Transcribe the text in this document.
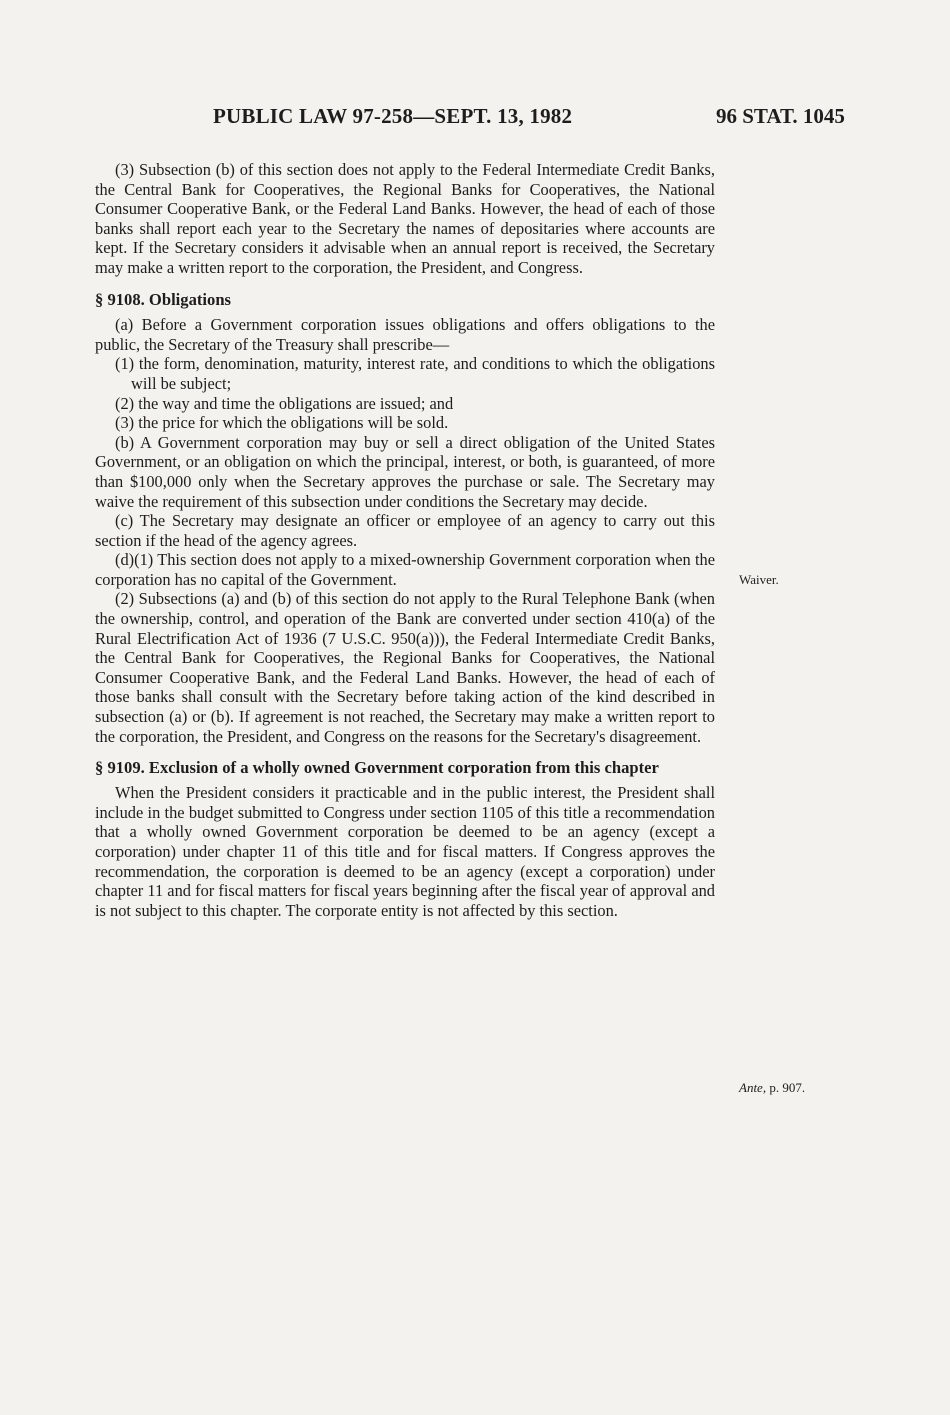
PUBLIC LAW 97-258—SEPT. 13, 1982	96 STAT. 1045

(3) Subsection (b) of this section does not apply to the Federal Intermediate Credit Banks, the Central Bank for Cooperatives, the Regional Banks for Cooperatives, the National Consumer Cooperative Bank, or the Federal Land Banks. However, the head of each of those banks shall report each year to the Secretary the names of depositaries where accounts are kept. If the Secretary considers it advisable when an annual report is received, the Secretary may make a written report to the corporation, the President, and Congress.

§ 9108. Obligations

(a) Before a Government corporation issues obligations and offers obligations to the public, the Secretary of the Treasury shall prescribe—

(1) the form, denomination, maturity, interest rate, and conditions to which the obligations will be subject;

(2) the way and time the obligations are issued; and

(3) the price for which the obligations will be sold.

(b) A Government corporation may buy or sell a direct obligation of the United States Government, or an obligation on which the principal, interest, or both, is guaranteed, of more than $100,000 only when the Secretary approves the purchase or sale. The Secretary may waive the requirement of this subsection under conditions the Secretary may decide.

(c) The Secretary may designate an officer or employee of an agency to carry out this section if the head of the agency agrees.

(d)(1) This section does not apply to a mixed-ownership Government corporation when the corporation has no capital of the Government.

(2) Subsections (a) and (b) of this section do not apply to the Rural Telephone Bank (when the ownership, control, and operation of the Bank are converted under section 410(a) of the Rural Electrification Act of 1936 (7 U.S.C. 950(a))), the Federal Intermediate Credit Banks, the Central Bank for Cooperatives, the Regional Banks for Cooperatives, the National Consumer Cooperative Bank, and the Federal Land Banks. However, the head of each of those banks shall consult with the Secretary before taking action of the kind described in subsection (a) or (b). If agreement is not reached, the Secretary may make a written report to the corporation, the President, and Congress on the reasons for the Secretary's disagreement.

§ 9109. Exclusion of a wholly owned Government corporation from this chapter

When the President considers it practicable and in the public interest, the President shall include in the budget submitted to Congress under section 1105 of this title a recommendation that a wholly owned Government corporation be deemed to be an agency (except a corporation) under chapter 11 of this title and for fiscal matters. If Congress approves the recommendation, the corporation is deemed to be an agency (except a corporation) under chapter 11 and for fiscal matters for fiscal years beginning after the fiscal year of approval and is not subject to this chapter. The corporate entity is not affected by this section.

Waiver.
Ante, p. 907.
